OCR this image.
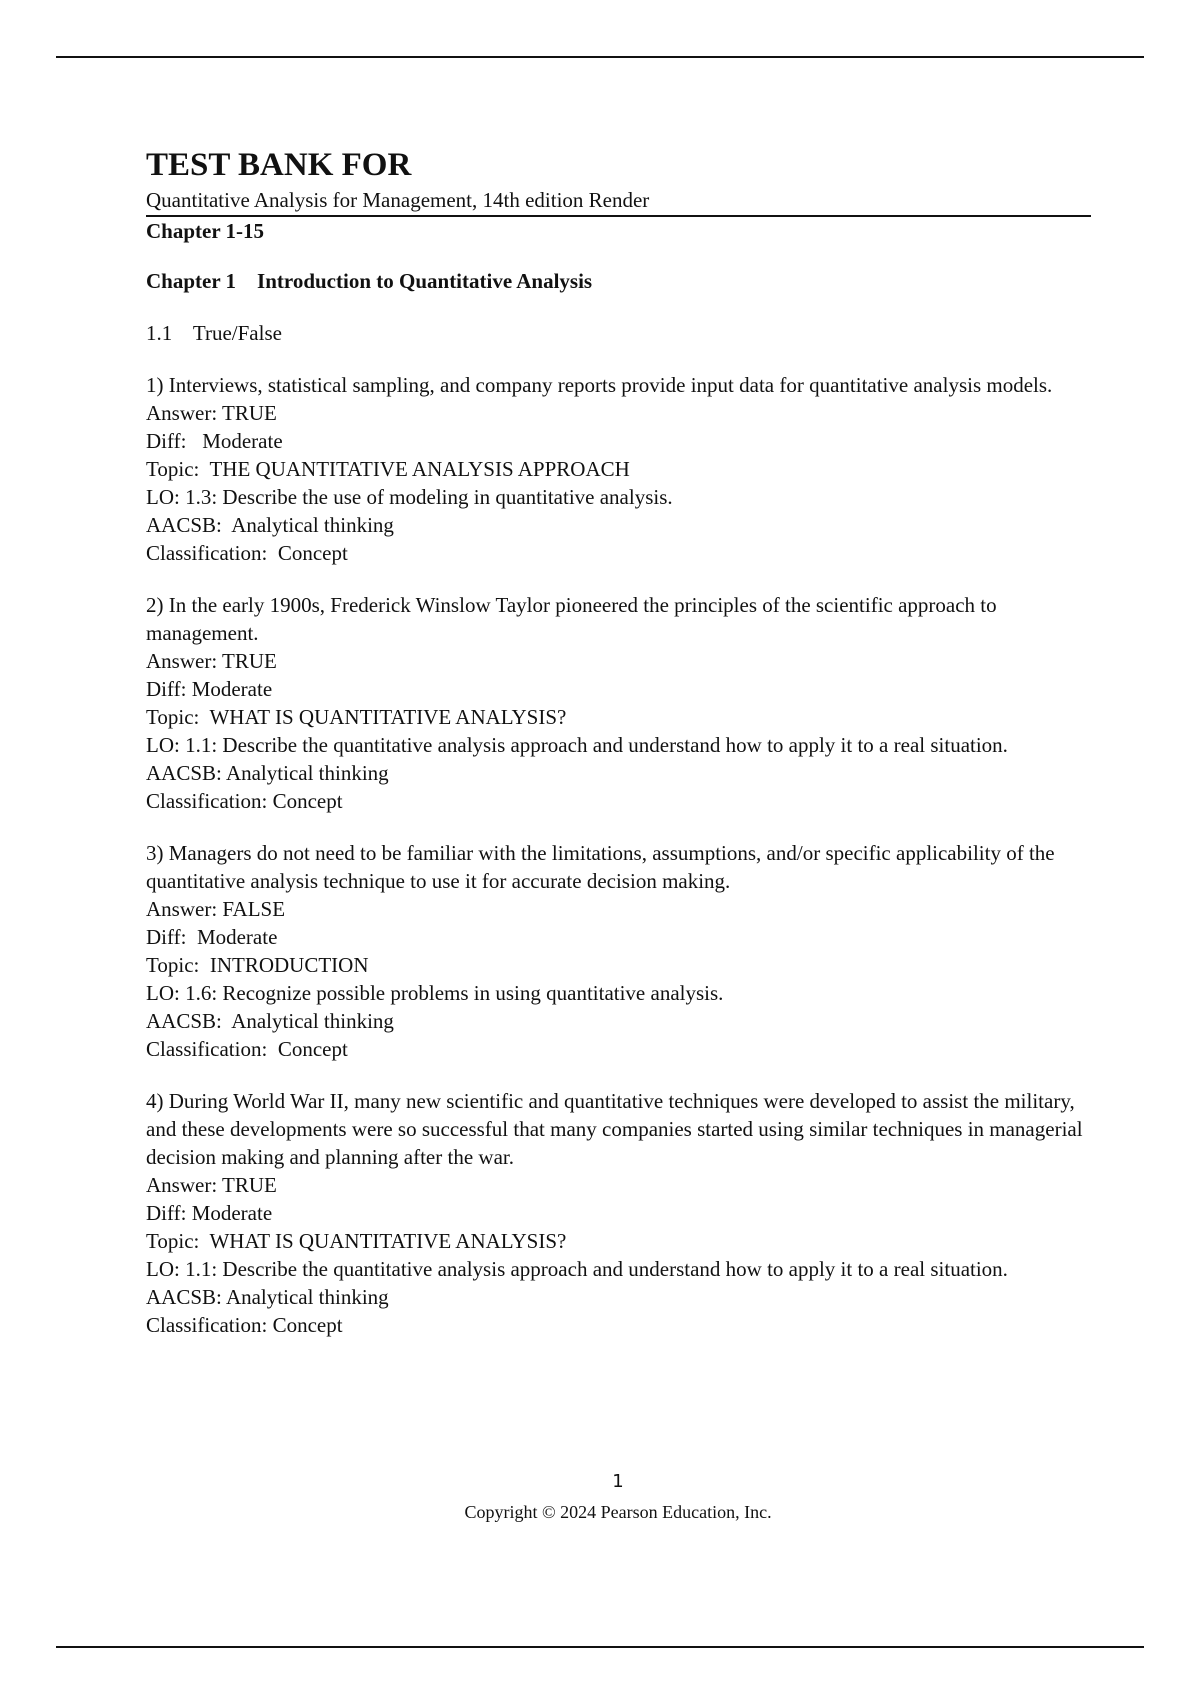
TEST BANK FOR
Quantitative Analysis for Management, 14th edition Render
Chapter 1-15
Chapter 1    Introduction to Quantitative Analysis
1.1    True/False

1) Interviews, statistical sampling, and company reports provide input data for quantitative analysis models.

Answer: TRUE

Diff:   Moderate

Topic:  THE QUANTITATIVE ANALYSIS APPROACH

LO: 1.3: Describe the use of modeling in quantitative analysis.

AACSB:  Analytical thinking

Classification:  Concept

2) In the early 1900s, Frederick Winslow Taylor pioneered the principles of the scientific approach to management.

Answer: TRUE

Diff: Moderate

Topic:  WHAT IS QUANTITATIVE ANALYSIS?

LO: 1.1: Describe the quantitative analysis approach and understand how to apply it to a real situation.

AACSB: Analytical thinking

Classification: Concept

3) Managers do not need to be familiar with the limitations, assumptions, and/or specific applicability of the quantitative analysis technique to use it for accurate decision making.

Answer: FALSE

Diff:  Moderate

Topic:  INTRODUCTION

LO: 1.6: Recognize possible problems in using quantitative analysis.

AACSB:  Analytical thinking

Classification:  Concept

4) During World War II, many new scientific and quantitative techniques were developed to assist the military, and these developments were so successful that many companies started using similar techniques in managerial decision making and planning after the war.

Answer: TRUE

Diff: Moderate

Topic:  WHAT IS QUANTITATIVE ANALYSIS?

LO: 1.1: Describe the quantitative analysis approach and understand how to apply it to a real situation.

AACSB: Analytical thinking

Classification: Concept

1
Copyright © 2024 Pearson Education, Inc.
